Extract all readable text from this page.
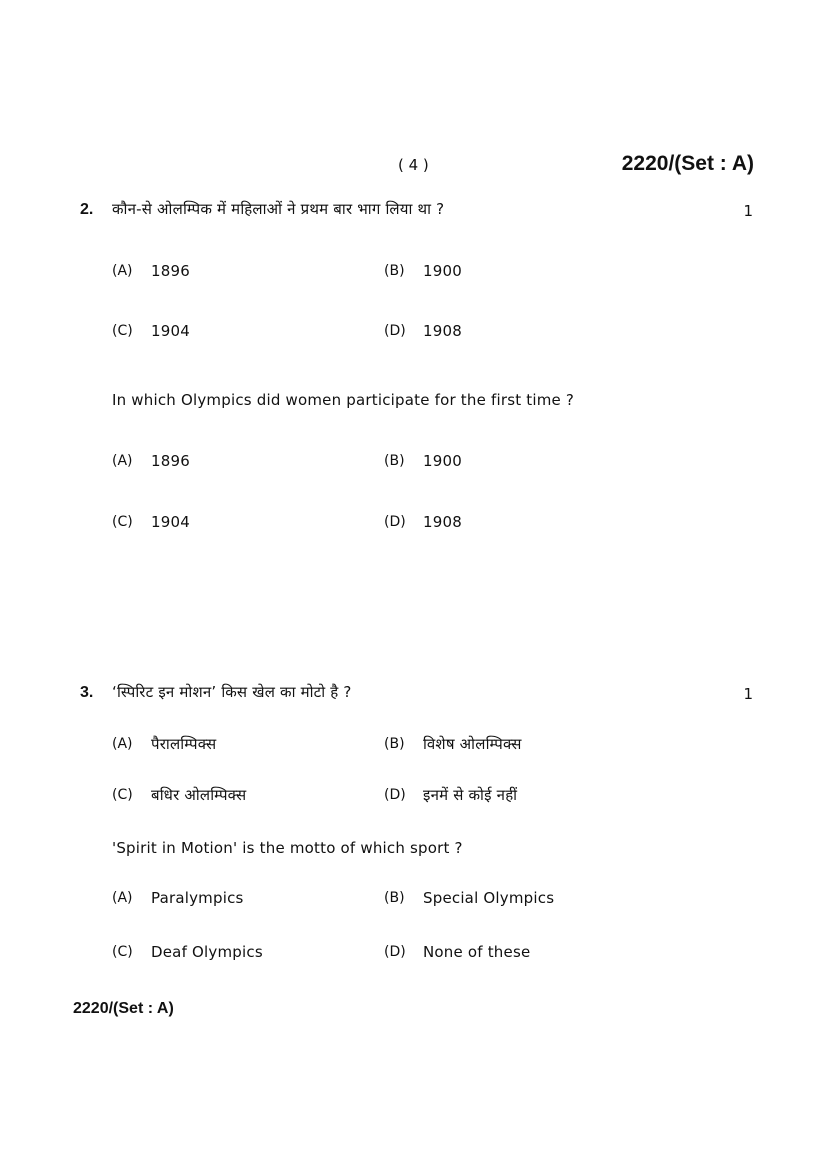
( 4 )	2220/(Set : A)
2. कौन-से ओलम्पिक में महिलाओं ने प्रथम बार भाग लिया था ?	1
(A) 1896	(B) 1900
(C) 1904	(D) 1908
In which Olympics did women participate for the first time ?
(A) 1896	(B) 1900
(C) 1904	(D) 1908
3. ‘स्पिरिट इन मोशन’ किस खेल का मोटो है ?	1
(A) पैरालम्पिक्स	(B) विशेष ओलम्पिक्स
(C) बधिर ओलम्पिक्स	(D) इनमें से कोई नहीं
'Spirit in Motion' is the motto of which sport ?
(A) Paralympics	(B) Special Olympics
(C) Deaf Olympics	(D) None of these
2220/(Set : A)
